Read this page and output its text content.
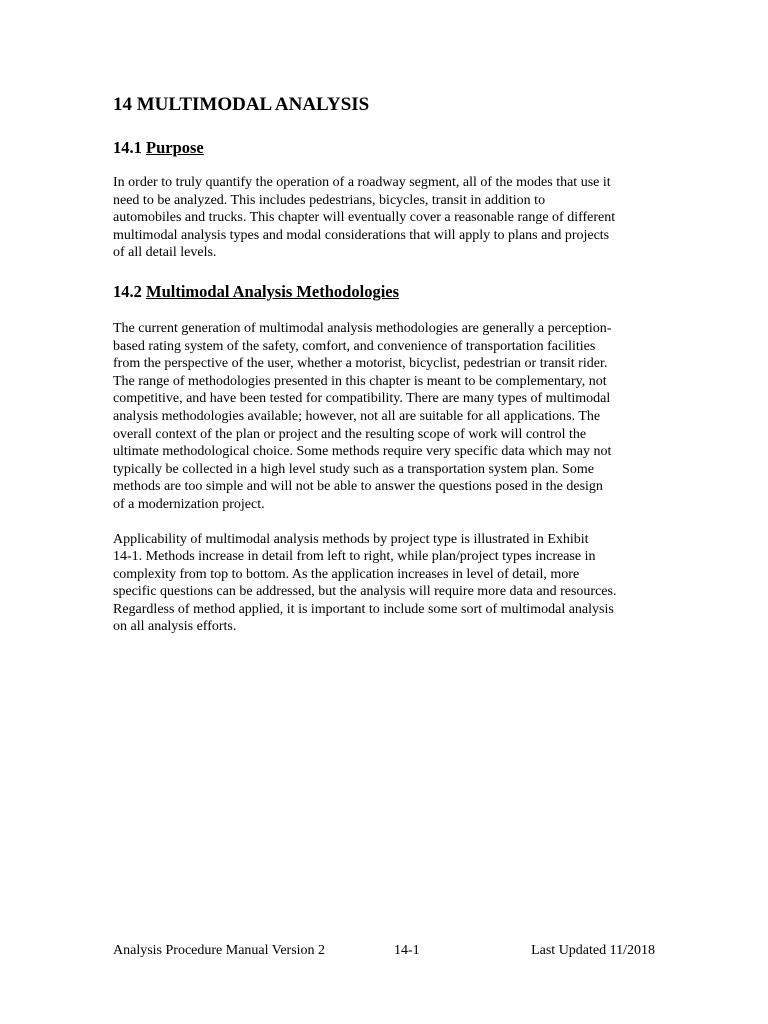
14 MULTIMODAL ANALYSIS
14.1 Purpose

In order to truly quantify the operation of a roadway segment, all of the modes that use it
need to be analyzed. This includes pedestrians, bicycles, transit in addition to
automobiles and trucks. This chapter will eventually cover a reasonable range of different
multimodal analysis types and modal considerations that will apply to plans and projects
of all detail levels.

14.2 Multimodal Analysis Methodologies

The current generation of multimodal analysis methodologies are generally a perception-
based rating system of the safety, comfort, and convenience of transportation facilities
from the perspective of the user, whether a motorist, bicyclist, pedestrian or transit rider.
The range of methodologies presented in this chapter is meant to be complementary, not
competitive, and have been tested for compatibility. There are many types of multimodal
analysis methodologies available; however, not all are suitable for all applications. The
overall context of the plan or project and the resulting scope of work will control the
ultimate methodological choice. Some methods require very specific data which may not
typically be collected in a high level study such as a transportation system plan. Some
methods are too simple and will not be able to answer the questions posed in the design
of a modernization project.

Applicability of multimodal analysis methods by project type is illustrated in Exhibit
14-1. Methods increase in detail from left to right, while plan/project types increase in
complexity from top to bottom. As the application increases in level of detail, more
specific questions can be addressed, but the analysis will require more data and resources.
Regardless of method applied, it is important to include some sort of multimodal analysis
on all analysis efforts.

Analysis Procedure Manual Version 2	14-1	Last Updated 11/2018
